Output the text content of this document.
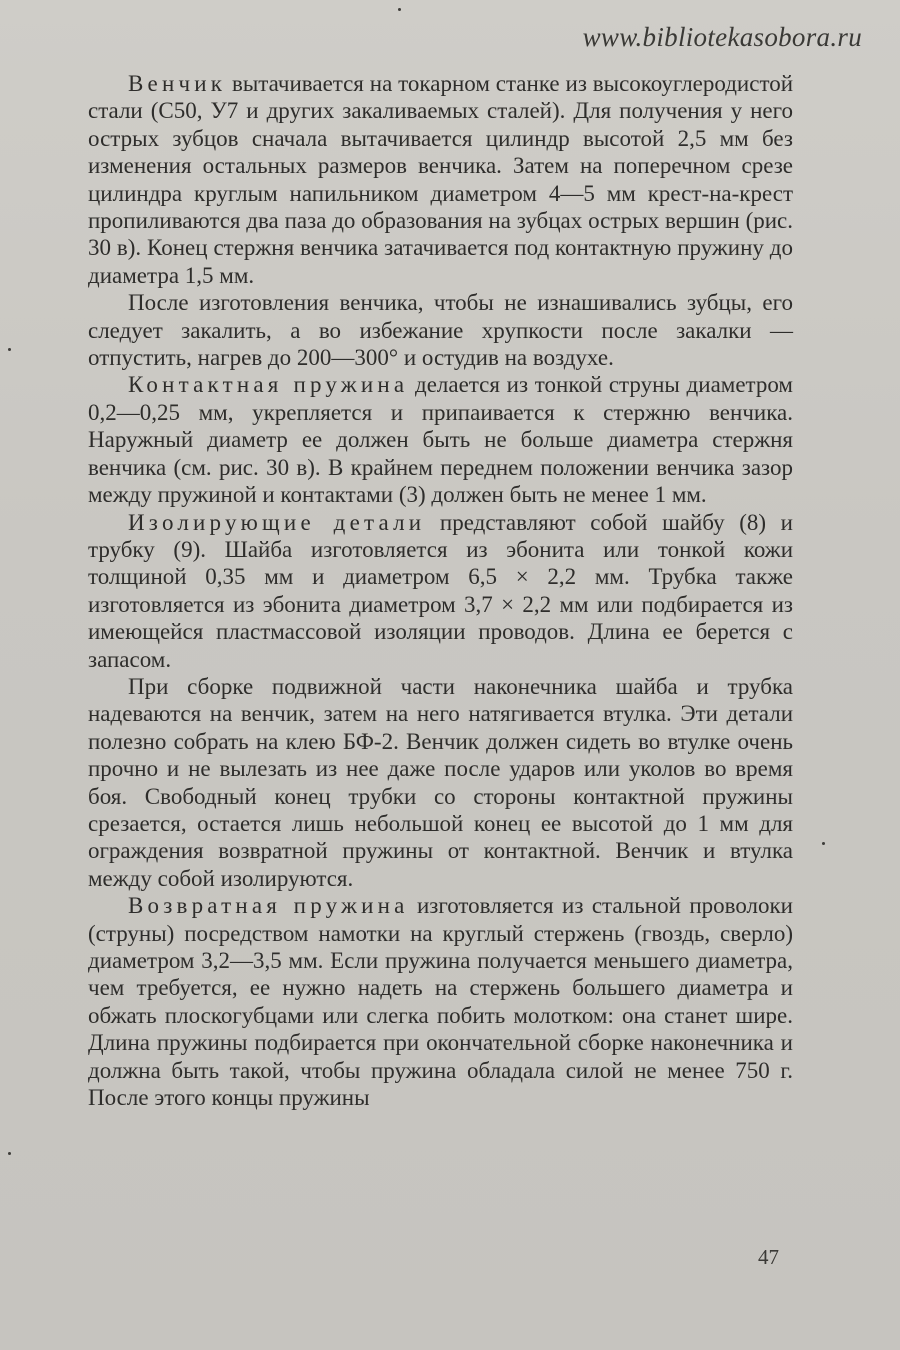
www.bibliotekasobora.ru

Венчик вытачивается на токарном станке из высокоуглеродистой стали (С50, У7 и других закаливаемых сталей). Для получения у него острых зубцов сначала вытачивается цилиндр высотой 2,5 мм без изменения остальных размеров венчика. Затем на поперечном срезе цилиндра круглым напильником диаметром 4—5 мм крест-на-крест пропиливаются два паза до образования на зубцах острых вершин (рис. 30 в). Конец стержня венчика затачивается под контактную пружину до диаметра 1,5 мм.

После изготовления венчика, чтобы не изнашивались зубцы, его следует закалить, а во избежание хрупкости после закалки — отпустить, нагрев до 200—300° и остудив на воздухе.

Контактная пружина делается из тонкой струны диаметром 0,2—0,25 мм, укрепляется и припаивается к стержню венчика. Наружный диаметр ее должен быть не больше диаметра стержня венчика (см. рис. 30 в). В крайнем переднем положении венчика зазор между пружиной и контактами (3) должен быть не менее 1 мм.

Изолирующие детали представляют собой шайбу (8) и трубку (9). Шайба изготовляется из эбонита или тонкой кожи толщиной 0,35 мм и диаметром 6,5 × 2,2 мм. Трубка также изготовляется из эбонита диаметром 3,7 × 2,2 мм или подбирается из имеющейся пластмассовой изоляции проводов. Длина ее берется с запасом.

При сборке подвижной части наконечника шайба и трубка надеваются на венчик, затем на него натягивается втулка. Эти детали полезно собрать на клею БФ-2. Венчик должен сидеть во втулке очень прочно и не вылезать из нее даже после ударов или уколов во время боя. Свободный конец трубки со стороны контактной пружины срезается, остается лишь небольшой конец ее высотой до 1 мм для ограждения возвратной пружины от контактной. Венчик и втулка между собой изолируются.

Возвратная пружина изготовляется из стальной проволоки (струны) посредством намотки на круглый стержень (гвоздь, сверло) диаметром 3,2—3,5 мм. Если пружина получается меньшего диаметра, чем требуется, ее нужно надеть на стержень большего диаметра и обжать плоскогубцами или слегка побить молотком: она станет шире. Длина пружины подбирается при окончательной сборке наконечника и должна быть такой, чтобы пружина обладала силой не менее 750 г. После этого концы пружины

47
